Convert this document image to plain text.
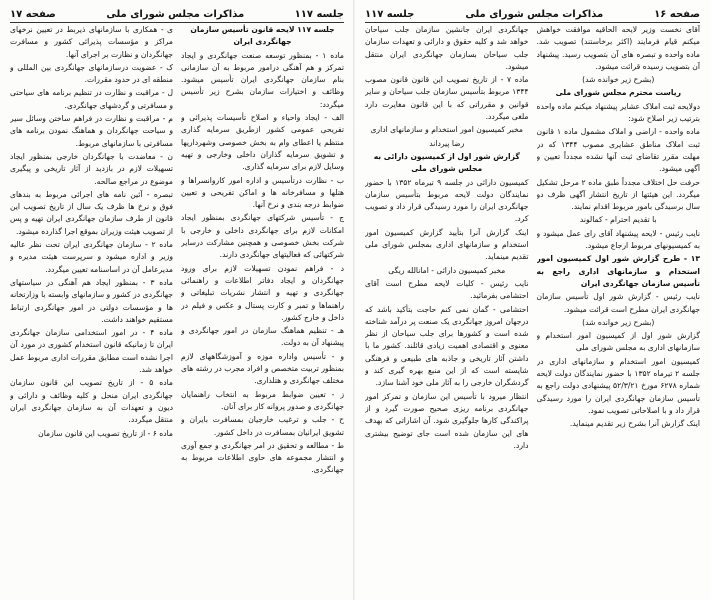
جلسه ۱۱۷
مذاکرات مجلس شورای ملی
صفحه ۱۷

جلسه ۱۱۷ لایحه قانون تأسیس سازمان جهانگردی ایران

ماده ۱ - بمنظور توسعه صنعت جهانگردی و ایجاد تمرکز و هم آهنگی درامور مربوط به آن سازمانی بنام سازمان جهانگردی ایران تأسیس میشود. وظائف و اختیارات سازمان بشرح زیر تأسیس میگردد:

الف - ایجاد واحیاء و اصلاح تأسیسات پذیرائی و تفریحی عمومی کشور ازطریق سرمایه گذاری منتظم یا اعطای وام به بخش خصوصی وشهرداریها و تشویق سرمایه گذاران داخلی وخارجی و تهیه وسایل لازم برای سرمایه گذاری.

ب - نظارت درتأسیس و اداره امور کاروانسراها و هتلها و مسافرخانه ها و اماکن تفریحی و تعیین ضوابط درجه بندی و نرخ آنها.

ج - تأسیس شرکتهای جهانگردی بمنظور ایجاد امکانات لازم برای جهانگردی داخلی و خارجی با شرکت بخش خصوصی و همچنین مشارکت درسایر شرکتهائی که فعالیتهای جهانگردی دارند.

د - فراهم نمودن تسهیلات لازم برای ورود جهانگردان و ایجاد دفاتر اطلاعات و راهنمائی جهانگردی و تهیه و انتشار نشریات تبلیغاتی و راهنماها و تمبر و کارت پستال و عکس و فیلم در داخل و خارج کشور.

هـ - تنظیم هماهنگ سازمان در امور جهانگردی و پیشنهاد آن به دولت.

و - تأسیس واداره موزه و آموزشگاههای لازم بمنظور تربیت متخصص و افراد مجرب در رشته های مختلف جهانگردی و هتلداری.

ز - تعیین ضوابط مربوط به انتخاب راهنمایان جهانگردی و صدور پروانه کار برای آنان.

ح - جلب و ترغیب خارجیان بمسافرت بایران و تشویق ایرانیان بمسافرت در داخل کشور.

ط - مطالعه و تحقیق در امر جهانگردی و جمع آوری و انتشار مجموعه های حاوی اطلاعات مربوط به جهانگردی.

ی - همکاری با سازمانهای ذیربط در تعیین نرخهای مراکز و مؤسسات پذیرائی کشور و مسافرت جهانگردان و نظارت بر اجرای آنها.

ک - عضویت درسازمانهای جهانگردی بین المللی و منطقه ای در حدود مقررات.

ل - مراقبت و نظارت در تنظیم برنامه های سیاحتی و مسافرتی و گردشهای جهانگردی.

م - مراقبت و نظارت در فراهم ساختن وسائل سیر و سیاحت جهانگردان و هماهنگ نمودن برنامه های مسافرتی با سازمانهای مربوط.

ن - معاضدت با جهانگردان خارجی بمنظور ایجاد تسهیلات لازم در بازدید از آثار تاریخی و پیگیری موضوع در مراجع صالحه.

تبصره - آئین نامه های اجرائی مربوط به بندهای فوق و نرخ ها ظرف یک سال از تاریخ تصویب این قانون از طرف سازمان جهانگردی ایران تهیه و پس از تصویب هیئت وزیران بموقع اجرا گذارده میشود.

ماده ۲ - سازمان جهانگردی ایران تحت نظر عالیه وزیر و اداره میشود و سرپرست هیئت مدیره و مدیرعامل آن در اساسنامه تعیین میگردد.

ماده ۳ - بمنظور ایجاد هم آهنگی در سیاستهای جهانگردی در کشور و سازمانهای وابسته با وزارتخانه ها و مؤسسات دولتی در امور جهانگردی ارتباط مستقیم خواهند داشت.

ماده ۴ - در امور استخدامی سازمان جهانگردی ایران تا زمانیکه قانون استخدام کشوری در مورد آن اجرا نشده است مطابق مقررات اداری مربوط عمل خواهد شد.

ماده ۵ - از تاریخ تصویب این قانون سازمان جهانگردی ایران منحل و کلیه وظائف و دارائی و دیون و تعهدات آن به سازمان جهانگردی ایران منتقل میگردد.

ماده ۶ - از تاریخ تصویب این قانون سازمان

صفحه ۱۶
مذاکرات مجلس شورای ملی
جلسه ۱۱۷

آقای نخست وزیر لایحه الحاقیه موافقت خواهش میکنم قیام فرمایند (اکثر برخاستند) تصویب شد. ماده واحده و تبصره های آن بتصویب رسید. پیشنهاد آن بتصویب رسیده قرائت میشود.

(بشرح زیر خوانده شد)

ریاست محترم مجلس شورای ملی

دولایحه ثبت املاک عشایر پیشنهاد میکنم ماده واحده بترتیب زیر اصلاح شود:

ماده واحده - اراضی و املاک مشمول ماده ۱ قانون ثبت املاک مناطق عشایری مصوب ۱۳۴۴ که در مهلت مقرر تقاضای ثبت آنها نشده مجدداً تعیین و آگهی میشود.

حرفت حل اختلاف مجدداً طبق ماده ۲ مرحل تشکیل میگردد. این هیئتها از تاریخ انتشار آگهی ظرف دو سال برسیدگی بامور مربوط اقدام نمایند.

با تقدیم احترام - کمالوند

نایب رئیس - لایحه پیشنهاد آقای رای عمل میشود و به کمیسیونهای مربوط ارجاع میشود.

۱۳ - طرح گزارش شور اول کمیسیون امور استخدام و سازمانهای اداری راجع به تأسیس سازمان جهانگردی ایران

نایب رئیس - گزارش شور اول تأسیس سازمان جهانگردی ایران مطرح است قرائت میشود.

(بشرح زیر خوانده شد)

گزارش شور اول از کمیسیون امور استخدام و سازمانهای اداری به مجلس شورای ملی

کمیسیون امور استخدام و سازمانهای اداری در جلسه ۲ تیرماه ۱۳۵۲ با حضور نمایندگان دولت لایحه شماره ۶۲۷۸ مورخ ۵۲/۳/۲۱ پیشنهادی دولت راجع به تأسیس سازمان جهانگردی ایران را مورد رسیدگی قرار داد و با اصلاحاتی تصویب نمود.

اینک گزارش آنرا بشرح زیر تقدیم مینماید.

جهانگردی ایران جانشین سازمان جلب سیاحان خواهد شد و کلیه حقوق و دارائی و تعهدات سازمان جلب سیاحان بسازمان جهانگردی ایران منتقل میشود.

ماده ۷ - از تاریخ تصویب این قانون قانون مصوب ۱۳۴۴ مربوط بتأسیس سازمان جلب سیاحان و سایر قوانین و مقرراتی که با این قانون مغایرت دارد ملغی میگردد.

مخبر کمیسیون امور استخدام و سازمانهای اداری

رضا پیرداند

گزارش شور اول از کمیسیون دارائی به مجلس شورای ملی

کمیسیون دارائی در جلسه ۹ تیرماه ۱۳۵۲ با حضور نمایندگان دولت لایحه مربوط بتأسیس سازمان جهانگردی ایران را مورد رسیدگی قرار داد و تصویب کرد.

اینک گزارش آنرا بتأیید گزارش کمیسیون امور استخدام و سازمانهای اداری بمجلس شورای ملی تقدیم مینماید.

مخبر کمیسیون دارائی - امانالله ریگی

نایب رئیس - کلیات لایحه مطرح است آقای احتشامی بفرمائید.

احتشامی - گمان نمی کنم حاجت بتأکید باشد که درجهان امروز جهانگردی یک صنعت پر درآمد شناخته شده است و کشورها برای جلب سیاحان از نظر معنوی و اقتصادی اهمیت زیادی قائلند. کشور ما با داشتن آثار تاریخی و جاذبه های طبیعی و فرهنگی شایسته است که از این منبع بهره گیری کند و گردشگران خارجی را به آثار ملی خود آشنا سازد.

انتظار میرود با تأسیس این سازمان و تمرکز امور جهانگردی برنامه ریزی صحیح صورت گیرد و از پراکندگی کارها جلوگیری شود. آن اشاراتی که بهدف های این سازمان شده است جای توضیح بیشتری دارد.
